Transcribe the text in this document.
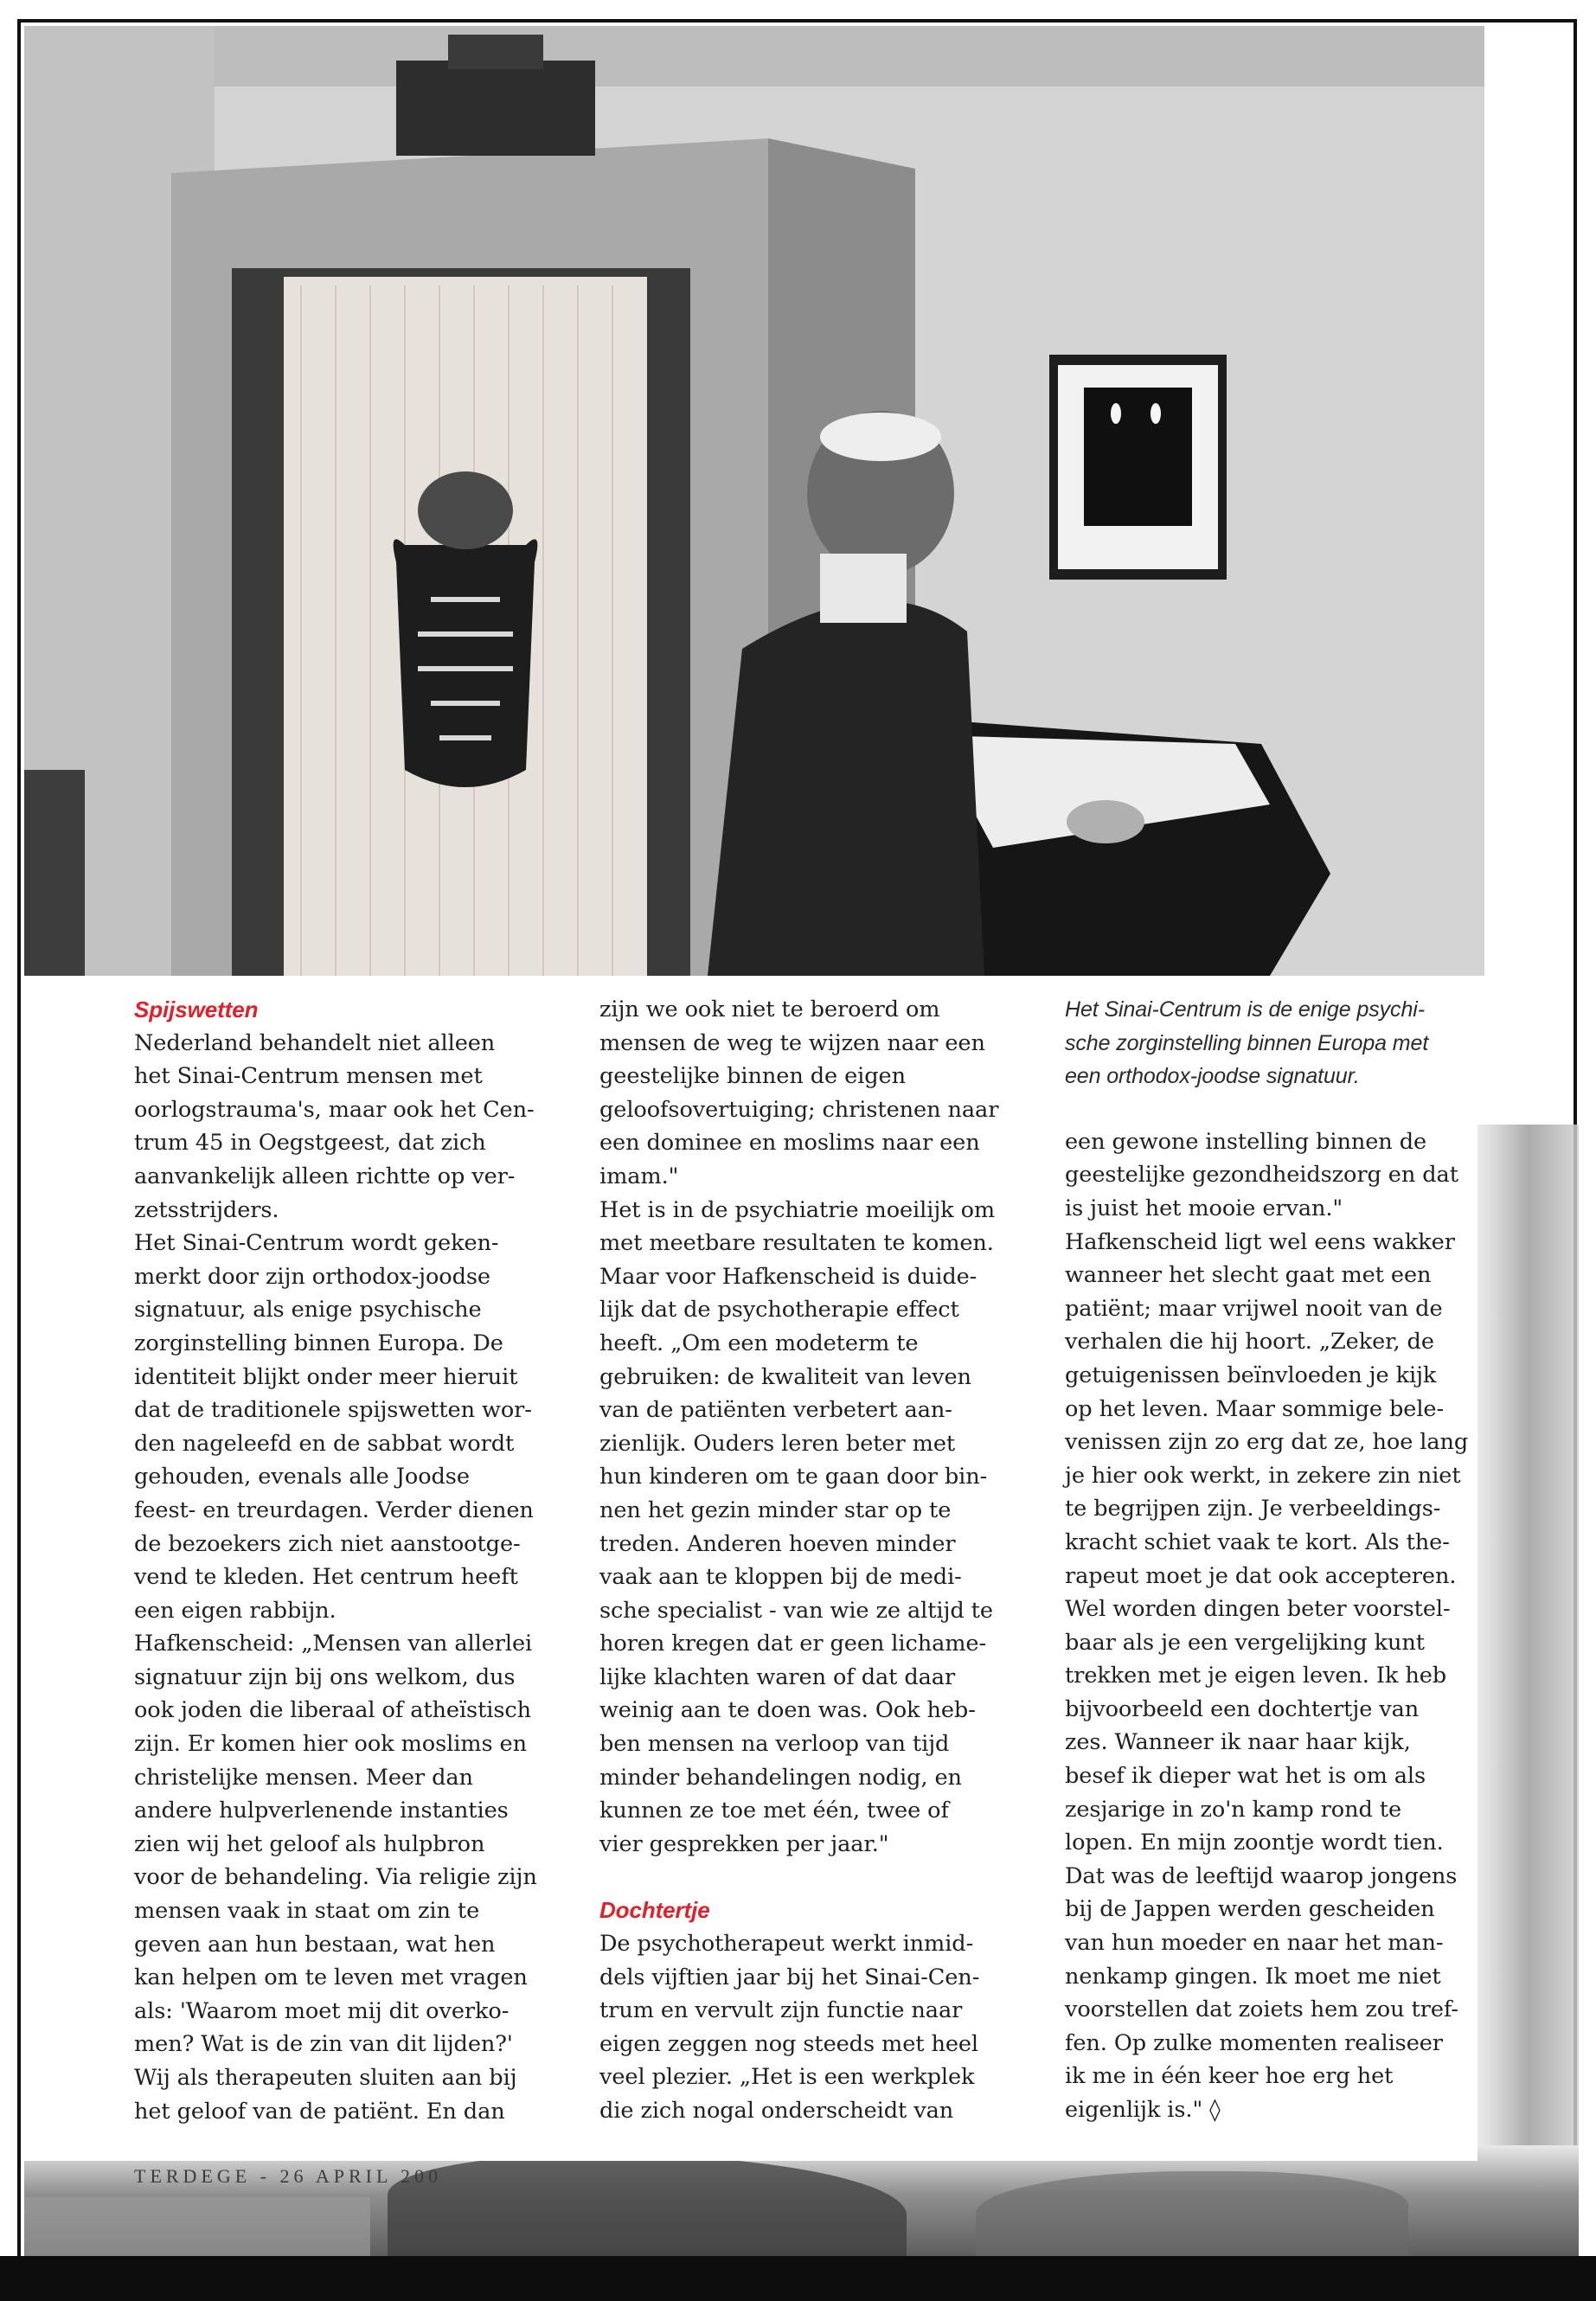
Spijswetten

Nederland behandelt niet alleen
het Sinai-Centrum mensen met
oorlogstrauma's, maar ook het Cen-
trum 45 in Oegstgeest, dat zich
aanvankelijk alleen richtte op ver-
zetsstrijders.

Het Sinai-Centrum wordt geken-
merkt door zijn orthodox-joodse
signatuur, als enige psychische
zorginstelling binnen Europa. De
identiteit blijkt onder meer hieruit
dat de traditionele spijswetten wor-
den nageleefd en de sabbat wordt
gehouden, evenals alle Joodse
feest- en treurdagen. Verder dienen
de bezoekers zich niet aanstootge-
vend te kleden. Het centrum heeft
een eigen rabbijn.

Hafkenscheid: „Mensen van allerlei
signatuur zijn bij ons welkom, dus
ook joden die liberaal of atheïstisch
zijn. Er komen hier ook moslims en
christelijke mensen. Meer dan
andere hulpverlenende instanties
zien wij het geloof als hulpbron
voor de behandeling. Via religie zijn
mensen vaak in staat om zin te
geven aan hun bestaan, wat hen
kan helpen om te leven met vragen
als: 'Waarom moet mij dit overko-
men? Wat is de zin van dit lijden?'
Wij als therapeuten sluiten aan bij
het geloof van de patiënt. En dan

zijn we ook niet te beroerd om
mensen de weg te wijzen naar een
geestelijke binnen de eigen
geloofsovertuiging; christenen naar
een dominee en moslims naar een
imam."

Het is in de psychiatrie moeilijk om
met meetbare resultaten te komen.
Maar voor Hafkenscheid is duide-
lijk dat de psychotherapie effect
heeft. „Om een modeterm te
gebruiken: de kwaliteit van leven
van de patiënten verbetert aan-
zienlijk. Ouders leren beter met
hun kinderen om te gaan door bin-
nen het gezin minder star op te
treden. Anderen hoeven minder
vaak aan te kloppen bij de medi-
sche specialist - van wie ze altijd te
horen kregen dat er geen lichame-
lijke klachten waren of dat daar
weinig aan te doen was. Ook heb-
ben mensen na verloop van tijd
minder behandelingen nodig, en
kunnen ze toe met één, twee of
vier gesprekken per jaar."

Dochtertje

De psychotherapeut werkt inmid-
dels vijftien jaar bij het Sinai-Cen-
trum en vervult zijn functie naar
eigen zeggen nog steeds met heel
veel plezier. „Het is een werkplek
die zich nogal onderscheidt van

Het Sinai-Centrum is de enige psychi-
sche zorginstelling binnen Europa met
een orthodox-joodse signatuur.

een gewone instelling binnen de
geestelijke gezondheidszorg en dat
is juist het mooie ervan."

Hafkenscheid ligt wel eens wakker
wanneer het slecht gaat met een
patiënt; maar vrijwel nooit van de
verhalen die hij hoort. „Zeker, de
getuigenissen beïnvloeden je kijk
op het leven. Maar sommige bele-
venissen zijn zo erg dat ze, hoe lang
je hier ook werkt, in zekere zin niet
te begrijpen zijn. Je verbeeldings-
kracht schiet vaak te kort. Als the-
rapeut moet je dat ook accepteren.
Wel worden dingen beter voorstel-
baar als je een vergelijking kunt
trekken met je eigen leven. Ik heb
bijvoorbeeld een dochtertje van
zes. Wanneer ik naar haar kijk,
besef ik dieper wat het is om als
zesjarige in zo'n kamp rond te
lopen. En mijn zoontje wordt tien.
Dat was de leeftijd waarop jongens
bij de Jappen werden gescheiden
van hun moeder en naar het man-
nenkamp gingen. Ik moet me niet
voorstellen dat zoiets hem zou tref-
fen. Op zulke momenten realiseer
ik me in één keer hoe erg het
eigenlijk is." ◊

TERDEGE - 26 APRIL 200
